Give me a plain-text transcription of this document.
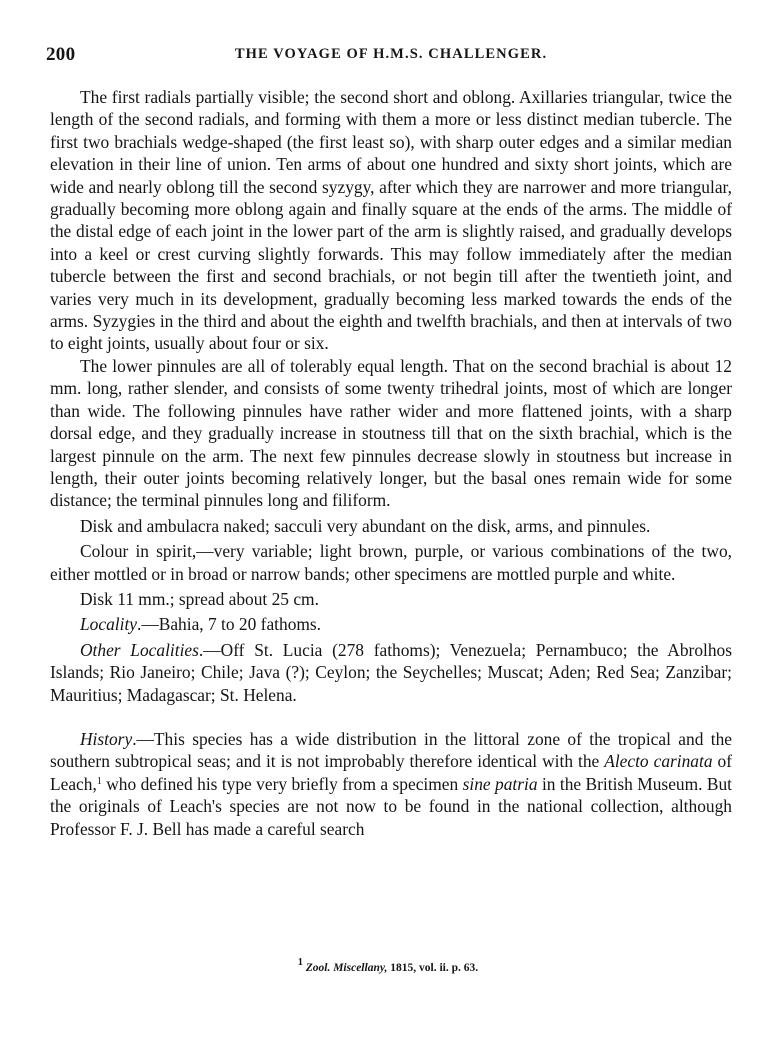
200	THE VOYAGE OF H.M.S. CHALLENGER.

The first radials partially visible; the second short and oblong. Axillaries triangular, twice the length of the second radials, and forming with them a more or less distinct median tubercle. The first two brachials wedge-shaped (the first least so), with sharp outer edges and a similar median elevation in their line of union. Ten arms of about one hundred and sixty short joints, which are wide and nearly oblong till the second syzygy, after which they are narrower and more triangular, gradually becoming more oblong again and finally square at the ends of the arms. The middle of the distal edge of each joint in the lower part of the arm is slightly raised, and gradually develops into a keel or crest curving slightly forwards. This may follow immediately after the median tubercle between the first and second brachials, or not begin till after the twentieth joint, and varies very much in its development, gradually becoming less marked towards the ends of the arms. Syzygies in the third and about the eighth and twelfth brachials, and then at intervals of two to eight joints, usually about four or six.

The lower pinnules are all of tolerably equal length. That on the second brachial is about 12 mm. long, rather slender, and consists of some twenty trihedral joints, most of which are longer than wide. The following pinnules have rather wider and more flattened joints, with a sharp dorsal edge, and they gradually increase in stoutness till that on the sixth brachial, which is the largest pinnule on the arm. The next few pinnules decrease slowly in stoutness but increase in length, their outer joints becoming relatively longer, but the basal ones remain wide for some distance; the terminal pinnules long and filiform.

Disk and ambulacra naked; sacculi very abundant on the disk, arms, and pinnules.

Colour in spirit,—very variable; light brown, purple, or various combinations of the two, either mottled or in broad or narrow bands; other specimens are mottled purple and white.

Disk 11 mm.; spread about 25 cm.

Locality.—Bahia, 7 to 20 fathoms.

Other Localities.—Off St. Lucia (278 fathoms); Venezuela; Pernambuco; the Abrolhos Islands; Rio Janeiro; Chile; Java (?); Ceylon; the Seychelles; Muscat; Aden; Red Sea; Zanzibar; Mauritius; Madagascar; St. Helena.

History.—This species has a wide distribution in the littoral zone of the tropical and the southern subtropical seas; and it is not improbably therefore identical with the Alecto carinata of Leach,$^1$ who defined his type very briefly from a specimen sine patria in the British Museum. But the originals of Leach's species are not now to be found in the national collection, although Professor F. J. Bell has made a careful search

$^1$ Zool. Miscellany, 1815, vol. ii. p. 63.
